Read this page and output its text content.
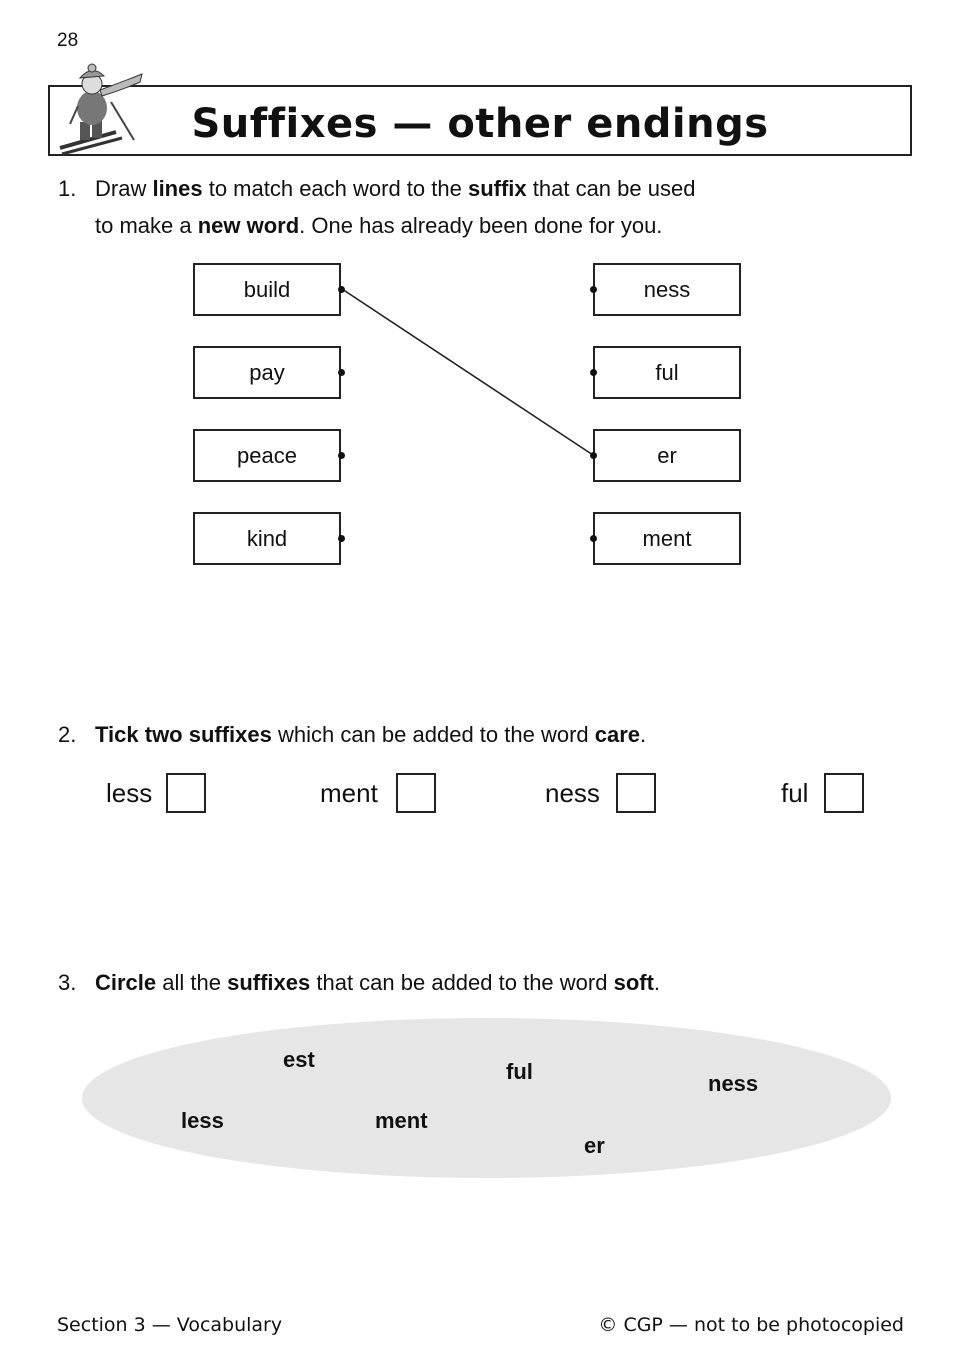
28
Suffixes — other endings
1. Draw lines to match each word to the suffix that can be used
to make a new word. One has already been done for you.
build
pay
peace
kind
ness
ful
er
ment
2. Tick two suffixes which can be added to the word care.
less	ment	ness	ful
3. Circle all the suffixes that can be added to the word soft.
est	ful	ness
less	ment
er
Section 3 — Vocabulary	© CGP — not to be photocopied
